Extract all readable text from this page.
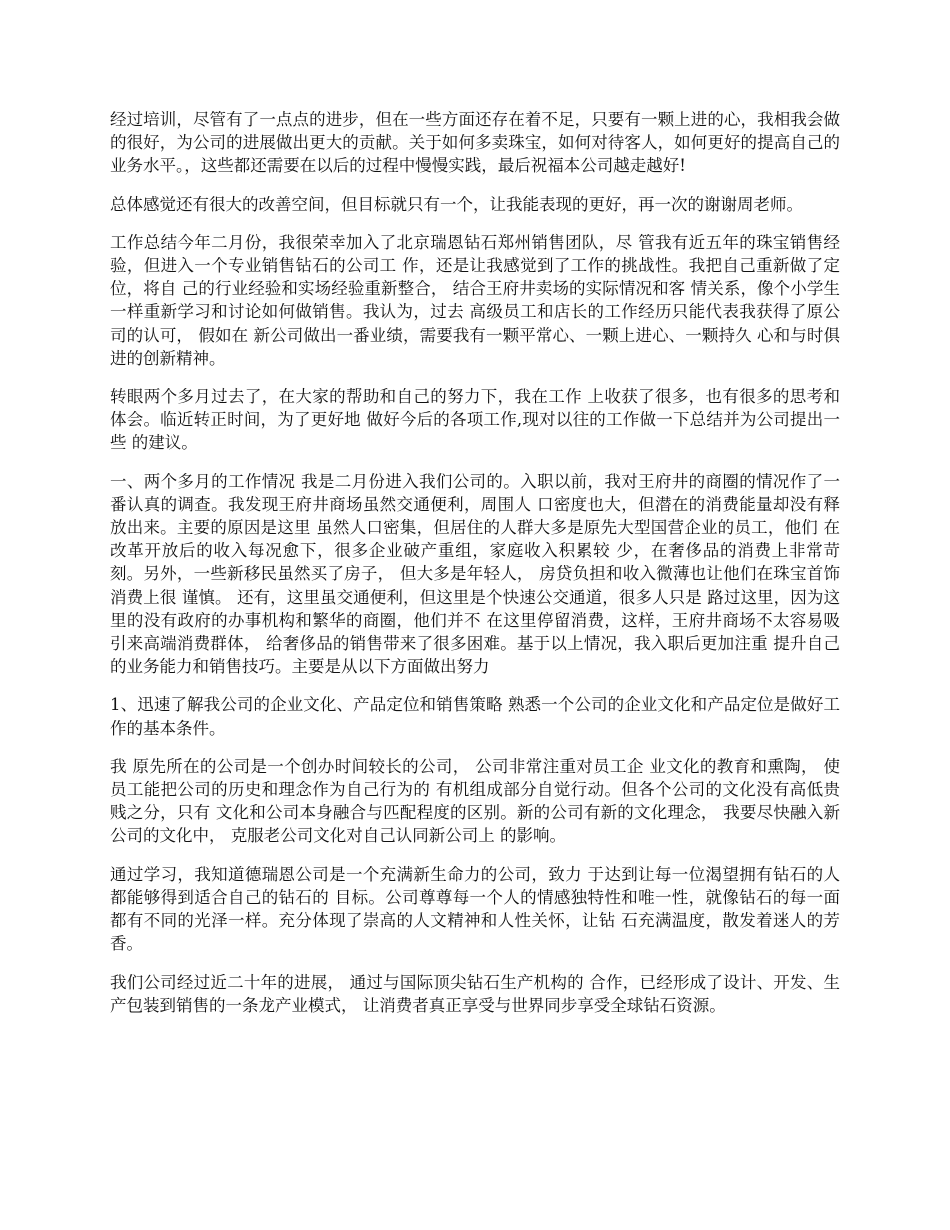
经过培训，尽管有了一点点的进步，但在一些方面还存在着不足，只要有一颗上进的心，我相我会做的很好，为公司的进展做出更大的贡献。关于如何多卖珠宝，如何对待客人，如何更好的提高自己的业务水平。，这些都还需要在以后的过程中慢慢实践，最后祝福本公司越走越好!

总体感觉还有很大的改善空间，但目标就只有一个，让我能表现的更好，再一次的谢谢周老师。

工作总结今年二月份，我很荣幸加入了北京瑞恩钻石郑州销售团队，尽 管我有近五年的珠宝销售经验，但进入一个专业销售钻石的公司工 作，还是让我感觉到了工作的挑战性。我把自己重新做了定位，将自 己的行业经验和实场经验重新整合， 结合王府井卖场的实际情况和客 情关系，像个小学生一样重新学习和讨论如何做销售。我认为，过去 高级员工和店长的工作经历只能代表我获得了原公司的认可， 假如在 新公司做出一番业绩，需要我有一颗平常心、一颗上进心、一颗持久 心和与时俱进的创新精神。

转眼两个多月过去了，在大家的帮助和自己的努力下，我在工作 上收获了很多，也有很多的思考和体会。临近转正时间，为了更好地 做好今后的各项工作,现对以往的工作做一下总结并为公司提出一些 的建议。

一、两个多月的工作情况 我是二月份进入我们公司的。入职以前，我对王府井的商圈的情况作了一番认真的调查。我发现王府井商场虽然交通便利，周围人 口密度也大，但潜在的消费能量却没有释放出来。主要的原因是这里 虽然人口密集，但居住的人群大多是原先大型国营企业的员工，他们 在改革开放后的收入每况愈下，很多企业破产重组，家庭收入积累较 少，在奢侈品的消费上非常苛刻。另外，一些新移民虽然买了房子， 但大多是年轻人， 房贷负担和收入微薄也让他们在珠宝首饰消费上很 谨慎。 还有，这里虽交通便利，但这里是个快速公交通道，很多人只是 路过这里，因为这里的没有政府的办事机构和繁华的商圈，他们并不 在这里停留消费，这样，王府井商场不太容易吸引来高端消费群体， 给奢侈品的销售带来了很多困难。基于以上情况，我入职后更加注重 提升自己的业务能力和销售技巧。主要是从以下方面做出努力

1、迅速了解我公司的企业文化、产品定位和销售策略 熟悉一个公司的企业文化和产品定位是做好工作的基本条件。

我 原先所在的公司是一个创办时间较长的公司， 公司非常注重对员工企 业文化的教育和熏陶， 使员工能把公司的历史和理念作为自己行为的 有机组成部分自觉行动。但各个公司的文化没有高低贵贱之分，只有 文化和公司本身融合与匹配程度的区别。新的公司有新的文化理念， 我要尽快融入新公司的文化中， 克服老公司文化对自己认同新公司上 的影响。

通过学习，我知道德瑞恩公司是一个充满新生命力的公司，致力 于达到让每一位渴望拥有钻石的人都能够得到适合自己的钻石的 目标。公司尊尊每一个人的情感独特性和唯一性，就像钻石的每一面 都有不同的光泽一样。充分体现了崇高的人文精神和人性关怀，让钻 石充满温度，散发着迷人的芳香。

我们公司经过近二十年的进展， 通过与国际顶尖钻石生产机构的 合作，已经形成了设计、开发、生产包装到销售的一条龙产业模式， 让消费者真正享受与世界同步享受全球钻石资源。
